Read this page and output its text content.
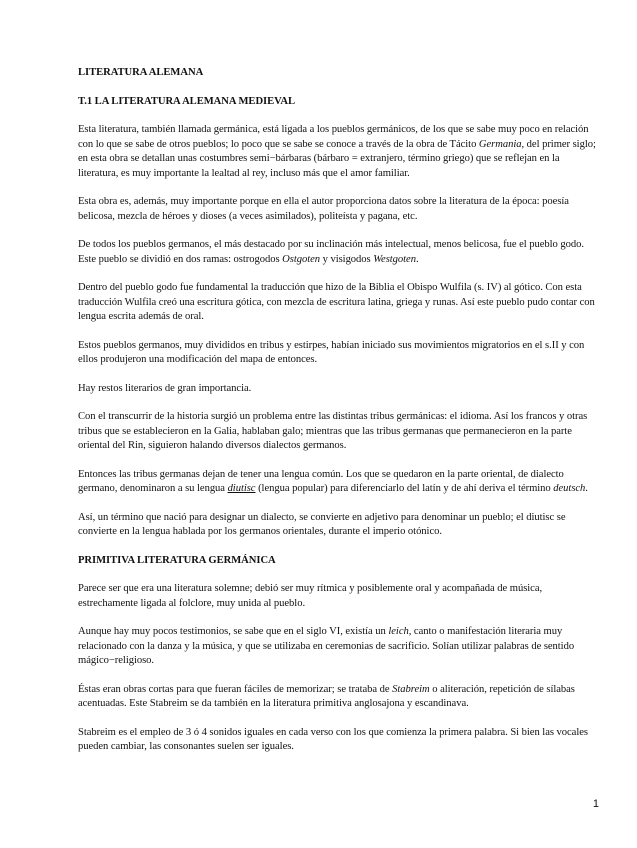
LITERATURA ALEMANA

T.1 LA LITERATURA ALEMANA MEDIEVAL

Esta literatura, también llamada germánica, está ligada a los pueblos germánicos, de los que se sabe muy poco en relación con lo que se sabe de otros pueblos; lo poco que se sabe se conoce a través de la obra de Tácito Germania, del primer siglo; en esta obra se detallan unas costumbres semi−bárbaras (bárbaro = extranjero, término griego) que se reflejan en la literatura, es muy importante la lealtad al rey, incluso más que el amor familiar.

Esta obra es, además, muy importante porque en ella el autor proporciona datos sobre la literatura de la época: poesía belicosa, mezcla de héroes y dioses (a veces asimilados), politeísta y pagana, etc.

De todos los pueblos germanos, el más destacado por su inclinación más intelectual, menos belicosa, fue el pueblo godo. Este pueblo se dividió en dos ramas: ostrogodos Ostgoten y visigodos Westgoten.

Dentro del pueblo godo fue fundamental la traducción que hizo de la Biblia el Obispo Wulfila (s. IV) al gótico. Con esta traducción Wulfila creó una escritura gótica, con mezcla de escritura latina, griega y runas. Así este pueblo pudo contar con lengua escrita además de oral.

Estos pueblos germanos, muy divididos en tribus y estirpes, habían iniciado sus movimientos migratorios en el s.II y con ellos produjeron una modificación del mapa de entonces.

Hay restos literarios de gran importancia.

Con el transcurrir de la historia surgió un problema entre las distintas tribus germánicas: el idioma. Así los francos y otras tribus que se establecieron en la Galia, hablaban galo; mientras que las tribus germanas que permanecieron en la parte oriental del Rin, siguieron halando diversos dialectos germanos.

Entonces las tribus germanas dejan de tener una lengua común. Los que se quedaron en la parte oriental, de dialecto germano, denominaron a su lengua diutisc (lengua popular) para diferenciarlo del latín y de ahí deriva el término deutsch.

Así, un término que nació para designar un dialecto, se convierte en adjetivo para denominar un pueblo; el diutisc se convierte en la lengua hablada por los germanos orientales, durante el imperio otónico.

PRIMITIVA LITERATURA GERMÁNICA

Parece ser que era una literatura solemne; debió ser muy rítmica y posiblemente oral y acompañada de música, estrechamente ligada al folclore, muy unida al pueblo.

Aunque hay muy pocos testimonios, se sabe que en el siglo VI, existía un leich, canto o manifestación literaria muy relacionado con la danza y la música, y que se utilizaba en ceremonias de sacrificio. Solían utilizar palabras de sentido mágico−religioso.

Éstas eran obras cortas para que fueran fáciles de memorizar; se trataba de Stabreim o aliteración, repetición de sílabas acentuadas. Este Stabreim se da también en la literatura primitiva anglosajona y escandinava.

Stabreim es el empleo de 3 ó 4 sonidos iguales en cada verso con los que comienza la primera palabra. Si bien las vocales pueden cambiar, las consonantes suelen ser iguales.

1
